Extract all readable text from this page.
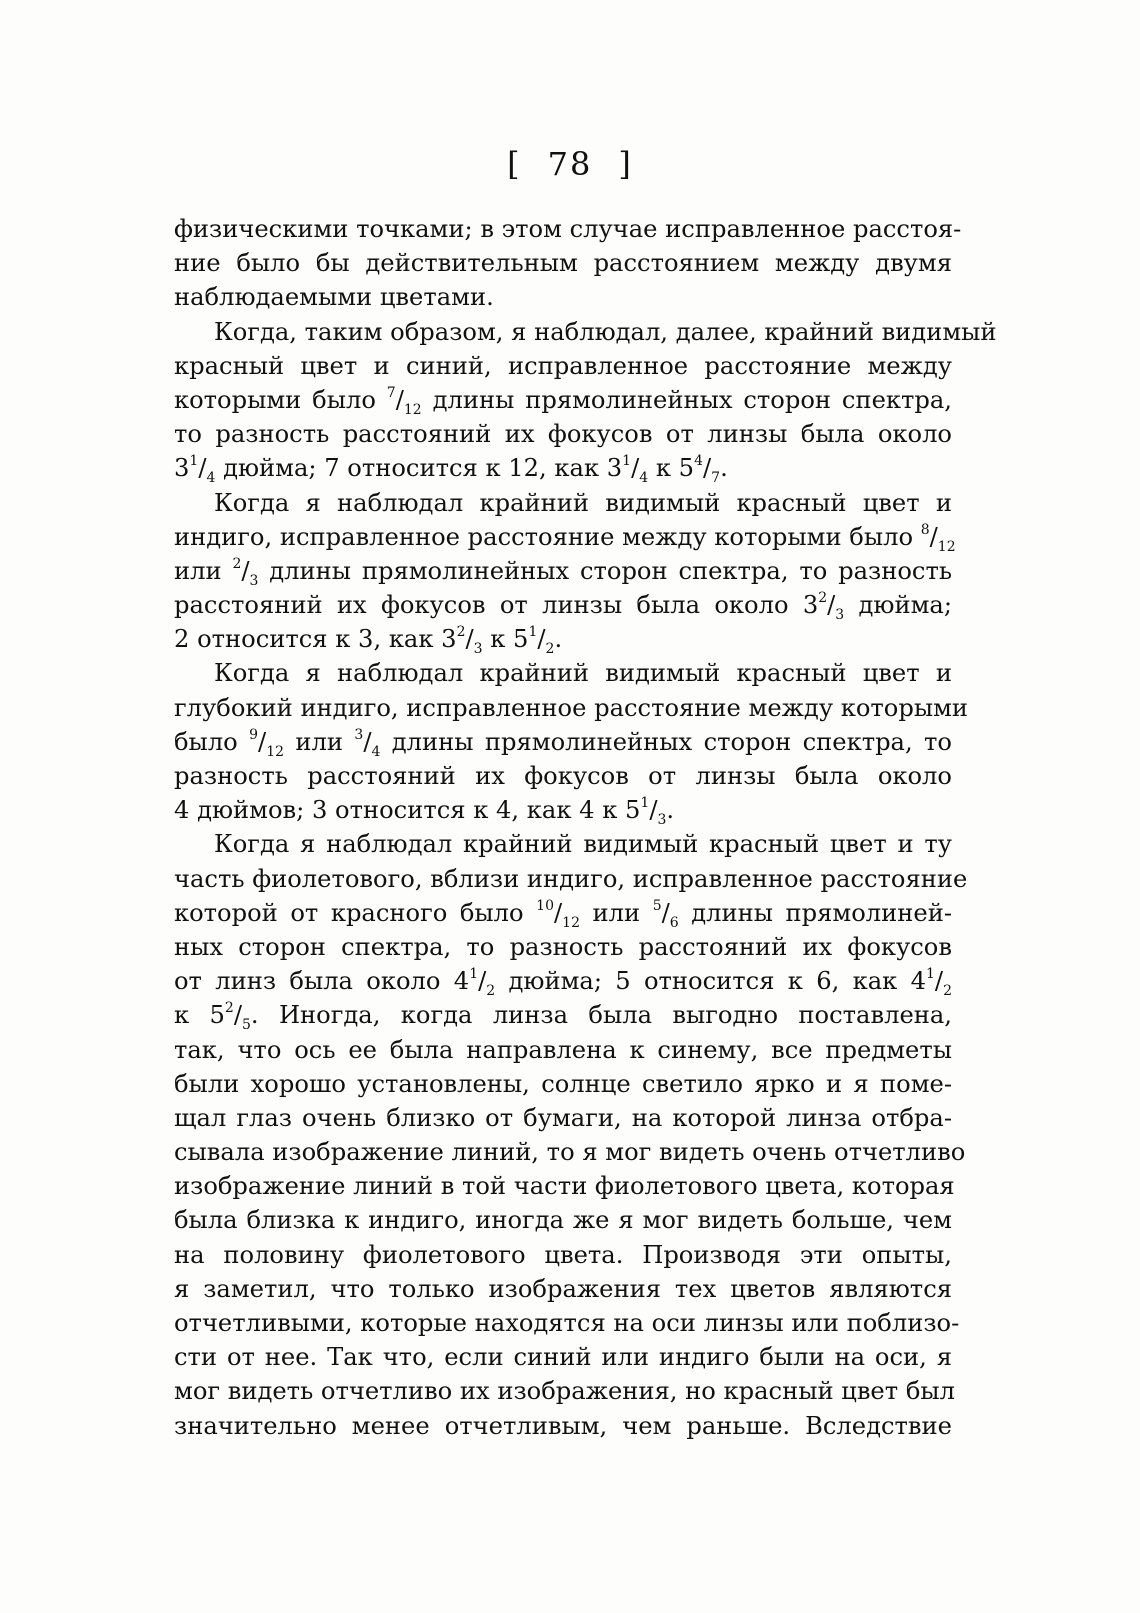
[ 78 ]
физическими точками; в этом случае исправленное расстоя-
ние было бы действительным расстоянием между двумя
наблюдаемыми цветами.
Когда, таким образом, я наблюдал, далее, крайний видимый
красный цвет и синий, исправленное расстояние между
которыми было $^7/_{12}$ длины прямолинейных сторон спектра,
то разность расстояний их фокусов от линзы была около
$3^1/_4$ дюйма; 7 относится к 12, как $3^1/_4$ к $5^4/_7$.
Когда я наблюдал крайний видимый красный цвет и
индиго, исправленное расстояние между которыми было $^8/_{12}$
или $^2/_3$ длины прямолинейных сторон спектра, то разность
расстояний их фокусов от линзы была около $3^2/_3$ дюйма;
2 относится к 3, как $3^2/_3$ к $5^1/_2$.
Когда я наблюдал крайний видимый красный цвет и
глубокий индиго, исправленное расстояние между которыми
было $^9/_{12}$ или $^3/_4$ длины прямолинейных сторон спектра, то
разность расстояний их фокусов от линзы была около
4 дюймов; 3 относится к 4, как 4 к $5^1/_3$.
Когда я наблюдал крайний видимый красный цвет и ту
часть фиолетового, вблизи индиго, исправленное расстояние
которой от красного было $^{10}/_{12}$ или $^5/_6$ длины прямолиней-
ных сторон спектра, то разность расстояний их фокусов
от линз была около $4^1/_2$ дюйма; 5 относится к 6, как $4^1/_2$
к $5^2/_5$. Иногда, когда линза была выгодно поставлена,
так, что ось ее была направлена к синему, все предметы
были хорошо установлены, солнце светило ярко и я поме-
щал глаз очень близко от бумаги, на которой линза отбра-
сывала изображение линий, то я мог видеть очень отчетливо
изображение линий в той части фиолетового цвета, которая
была близка к индиго, иногда же я мог видеть больше, чем
на половину фиолетового цвета. Производя эти опыты,
я заметил, что только изображения тех цветов являются
отчетливыми, которые находятся на оси линзы или поблизо-
сти от нее. Так что, если синий или индиго были на оси, я
мог видеть отчетливо их изображения, но красный цвет был
значительно менее отчетливым, чем раньше. Вследствие
